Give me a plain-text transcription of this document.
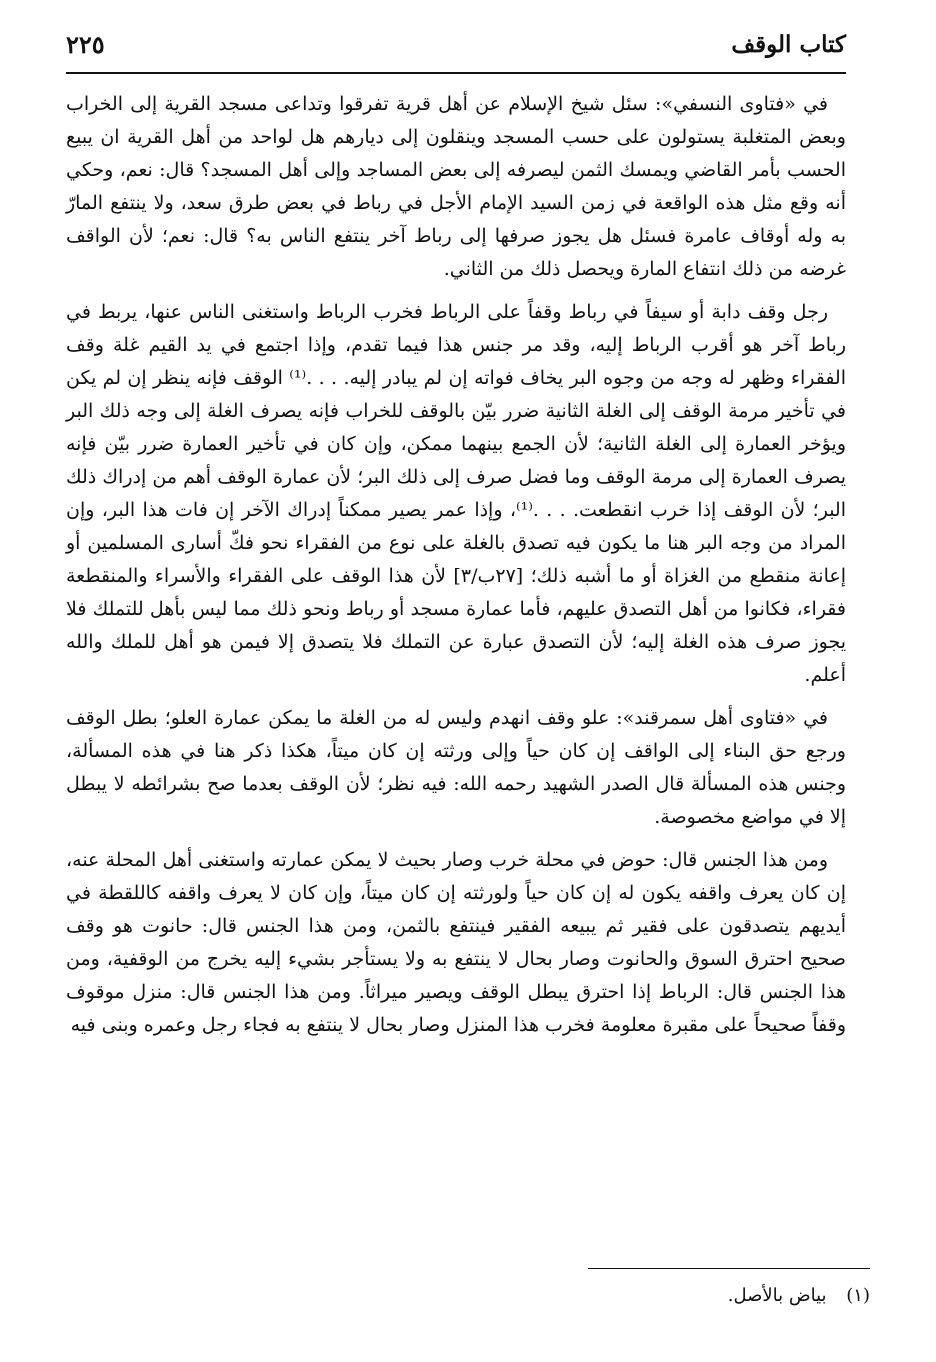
كتاب الوقف
٢٢٥

في «فتاوى النسفي»: سئل شيخ الإسلام عن أهل قرية تفرقوا وتداعى مسجد القرية إلى الخراب وبعض المتغلبة يستولون على حسب المسجد وينقلون إلى ديارهم هل لواحد من أهل القرية ان يبيع الحسب بأمر القاضي ويمسك الثمن ليصرفه إلى بعض المساجد وإلى أهل المسجد؟ قال: نعم، وحكي أنه وقع مثل هذه الواقعة في زمن السيد الإمام الأجل في رباط في بعض طرق سعد، ولا ينتفع المارّ به وله أوقاف عامرة فسئل هل يجوز صرفها إلى رباط آخر ينتفع الناس به؟ قال: نعم؛ لأن الواقف غرضه من ذلك انتفاع المارة ويحصل ذلك من الثاني.

رجل وقف دابة أو سيفاً في رباط وقفاً على الرباط فخرب الرباط واستغنى الناس عنها، يربط في رباط آخر هو أقرب الرباط إليه، وقد مر جنس هذا فيما تقدم، وإذا اجتمع في يد القيم غلة وقف الفقراء وظهر له وجه من وجوه البر يخاف فواته إن لم يبادر إليه. . . .⁽¹⁾ الوقف فإنه ينظر إن لم يكن في تأخير مرمة الوقف إلى الغلة الثانية ضرر بيّن بالوقف للخراب فإنه يصرف الغلة إلى وجه ذلك البر ويؤخر العمارة إلى الغلة الثانية؛ لأن الجمع بينهما ممكن، وإن كان في تأخير العمارة ضرر بيّن فإنه يصرف العمارة إلى مرمة الوقف وما فضل صرف إلى ذلك البر؛ لأن عمارة الوقف أهم من إدراك ذلك البر؛ لأن الوقف إذا خرب انقطعت. . . .⁽¹⁾، وإذا عمر يصير ممكناً إدراك الآخر إن فات هذا البر، وإن المراد من وجه البر هنا ما يكون فيه تصدق بالغلة على نوع من الفقراء نحو فكّ أسارى المسلمين أو إعانة منقطع من الغزاة أو ما أشبه ذلك؛ [٢٧ب/٣] لأن هذا الوقف على الفقراء والأسراء والمنقطعة فقراء، فكانوا من أهل التصدق عليهم، فأما عمارة مسجد أو رباط ونحو ذلك مما ليس بأهل للتملك فلا يجوز صرف هذه الغلة إليه؛ لأن التصدق عبارة عن التملك فلا يتصدق إلا فيمن هو أهل للملك والله أعلم.

في «فتاوى أهل سمرقند»: علو وقف انهدم وليس له من الغلة ما يمكن عمارة العلو؛ بطل الوقف ورجع حق البناء إلى الواقف إن كان حياً وإلى ورثته إن كان ميتاً، هكذا ذكر هنا في هذه المسألة، وجنس هذه المسألة قال الصدر الشهيد رحمه الله: فيه نظر؛ لأن الوقف بعدما صح بشرائطه لا يبطل إلا في مواضع مخصوصة.

ومن هذا الجنس قال: حوض في محلة خرب وصار بحيث لا يمكن عمارته واستغنى أهل المحلة عنه، إن كان يعرف واقفه يكون له إن كان حياً ولورثته إن كان ميتاً، وإن كان لا يعرف واقفه كاللقطة في أيديهم يتصدقون على فقير ثم يبيعه الفقير فينتفع بالثمن، ومن هذا الجنس قال: حانوت هو وقف صحيح احترق السوق والحانوت وصار بحال لا ينتفع به ولا يستأجر بشيء إليه يخرج من الوقفية، ومن هذا الجنس قال: الرباط إذا احترق يبطل الوقف ويصير ميراثاً. ومن هذا الجنس قال: منزل موقوف وقفاً صحيحاً على مقبرة معلومة فخرب هذا المنزل وصار بحال لا ينتفع به فجاء رجل وعمره وبنى فيه

(١) بياض بالأصل.
